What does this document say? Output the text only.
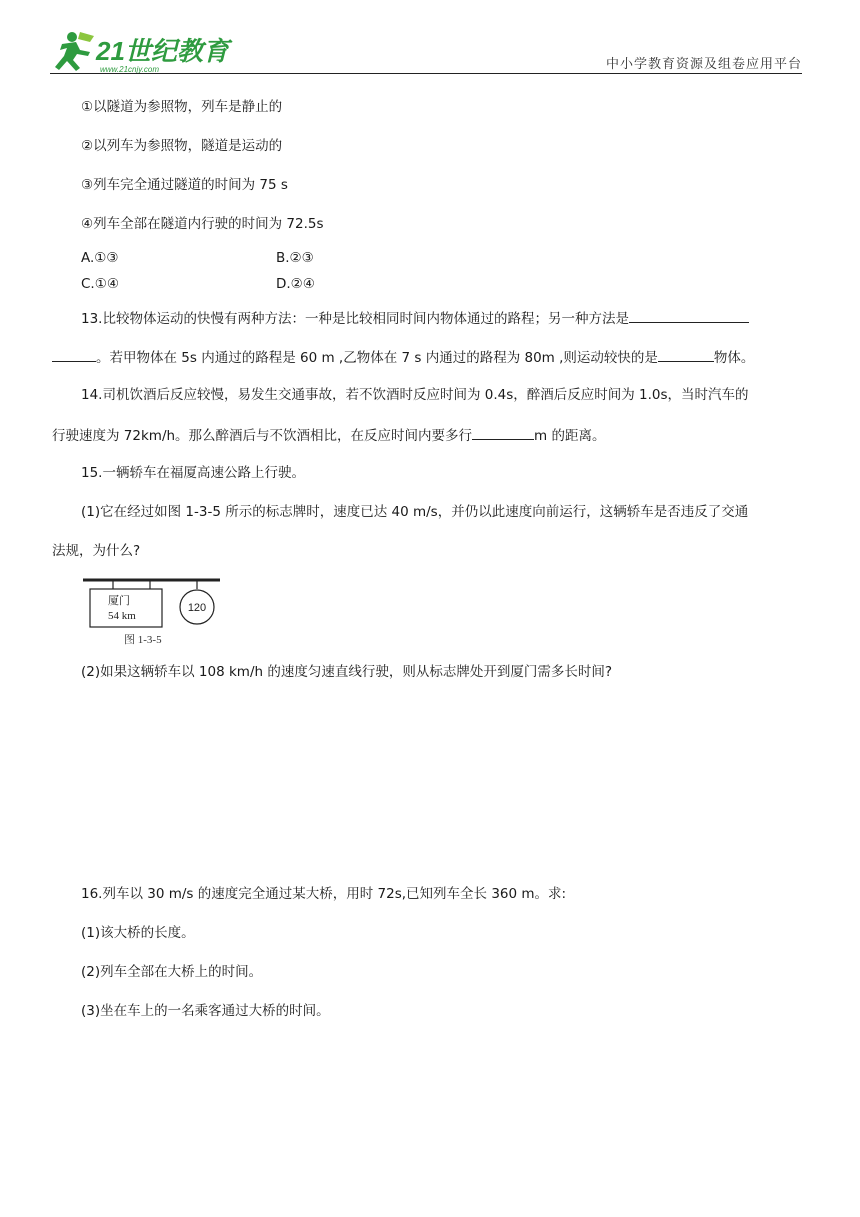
21世纪教育
www.21cnjy.com	中小学教育资源及组卷应用平台
①以隧道为参照物，列车是静止的
②以列车为参照物，隧道是运动的
③列车完全通过隧道的时间为 75 s
④列车全部在隧道内行驶的时间为 72.5s
A.①③	B.②③
C.①④	D.②④
13.比较物体运动的快慢有两种方法：一种是比较相同时间内物体通过的路程；另一种方法是
。若甲物体在 5s 内通过的路程是 60 m ,乙物体在 7 s 内通过的路程为 80m ,则运动较快的是	物体。
14.司机饮酒后反应较慢，易发生交通事故，若不饮酒时反应时间为 0.4s，醉酒后反应时间为 1.0s，当时汽车的
行驶速度为 72km/h。那么醉酒后与不饮酒相比，在反应时间内要多行	m 的距离。
15.一辆轿车在福厦高速公路上行驶。
(1)它在经过如图 1-3-5 所示的标志牌时，速度已达 40 m/s，并仍以此速度向前运行，这辆轿车是否违反了交通
法规，为什么?
厦门
54 km
120
图 1-3-5
(2)如果这辆轿车以 108 km/h 的速度匀速直线行驶，则从标志牌处开到厦门需多长时间?
16.列车以 30 m/s 的速度完全通过某大桥，用时 72s,已知列车全长 360 m。求:
(1)该大桥的长度。
(2)列车全部在大桥上的时间。
(3)坐在车上的一名乘客通过大桥的时间。
